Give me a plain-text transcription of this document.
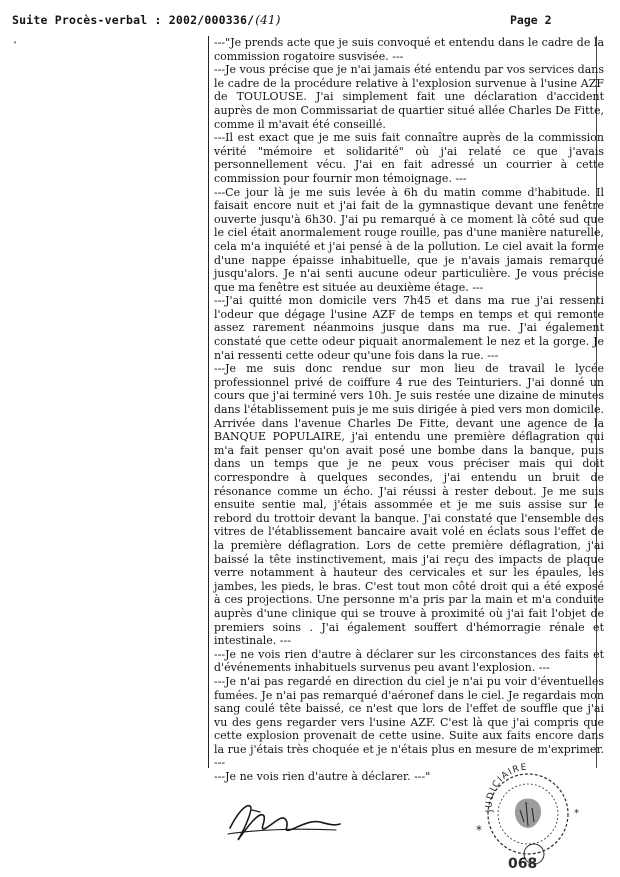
Suite Procès-verbal : 2002/000336/(41)	Page 2
'	---"Je prends acte que je suis convoqué et entendu dans le cadre de la commission rogatoire susvisée. ---

---Je vous précise que je n'ai jamais été entendu par vos services dans le cadre de la procédure relative à l'explosion survenue à l'usine AZF de TOULOUSE. J'ai simplement fait une déclaration d'accident auprès de mon Commissariat de quartier situé allée Charles De Fitte, comme il m'avait été conseillé.

---Il est exact que je me suis fait connaître auprès de la commission vérité "mémoire et solidarité" où j'ai relaté ce que j'avais personnellement vécu. J'ai en fait adressé un courrier à cette commission pour fournir mon témoignage. ---

---Ce jour là je me suis levée à 6h du matin comme d'habitude. Il faisait encore nuit et j'ai fait de la gymnastique devant une fenêtre ouverte jusqu'à 6h30. J'ai pu remarqué à ce moment là côté sud que le ciel était anormalement rouge rouille, pas d'une manière naturelle, cela m'a inquiété et j'ai pensé à de la pollution. Le ciel avait la forme d'une nappe épaisse inhabituelle, que je n'avais jamais remarqué jusqu'alors. Je n'ai senti aucune odeur particulière. Je vous précise que ma fenêtre est située au deuxième étage. ---

---J'ai quitté mon domicile vers 7h45 et dans ma rue j'ai ressenti l'odeur que dégage l'usine AZF de temps en temps et qui remonte assez rarement néanmoins jusque dans ma rue. J'ai également constaté que cette odeur piquait anormalement le nez et la gorge. Je n'ai ressenti cette odeur qu'une fois dans la rue. ---

---Je me suis donc rendue sur mon lieu de travail le lycée professionnel privé de coiffure 4 rue des Teinturiers. J'ai donné un cours que j'ai terminé vers 10h. Je suis restée une dizaine de minutes dans l'établissement puis je me suis dirigée à pied vers mon domicile. Arrivée dans l'avenue Charles De Fitte, devant une agence de la BANQUE POPULAIRE, j'ai entendu une première déflagration qui m'a fait penser qu'on avait posé une bombe dans la banque, puis dans un temps que je ne peux vous préciser mais qui doit correspondre à quelques secondes, j'ai entendu un bruit de résonance comme un écho. J'ai réussi à rester debout. Je me suis ensuite sentie mal, j'étais assommée et je me suis assise sur le rebord du trottoir devant la banque. J'ai constaté que l'ensemble des vitres de l'établissement bancaire avait volé en éclats sous l'effet de la première déflagration. Lors de cette première déflagration, j'ai baissé la tête instinctivement, mais j'ai reçu des impacts de plaque verre notamment à hauteur des cervicales et sur les épaules, les jambes, les pieds, le bras. C'est tout mon côté droit qui a été exposé à ces projections. Une personne m'a pris par la main et m'a conduite auprès d'une clinique qui se trouve à proximité où j'ai fait l'objet de premiers soins . J'ai également souffert d'hémorragie rénale et intestinale. ---

---Je ne vois rien d'autre à déclarer sur les circonstances des faits et d'événements inhabituels survenus peu avant l'explosion. ---

---Je n'ai pas regardé en direction du ciel je n'ai pu voir d'éventuelles fumées. Je n'ai pas remarqué d'aéronef dans le ciel. Je regardais mon sang coulé tête baissé, ce n'est que lors de l'effet de souffle que j'ai vu des gens regarder vers l'usine AZF. C'est là que j'ai compris que cette explosion provenait de cette usine. Suite aux faits encore dans la rue j'étais très choquée et je n'étais plus en mesure de m'exprimer. ---

---Je ne vois rien d'autre à déclarer. ---"

JUDICIAIRE
*
*
068
